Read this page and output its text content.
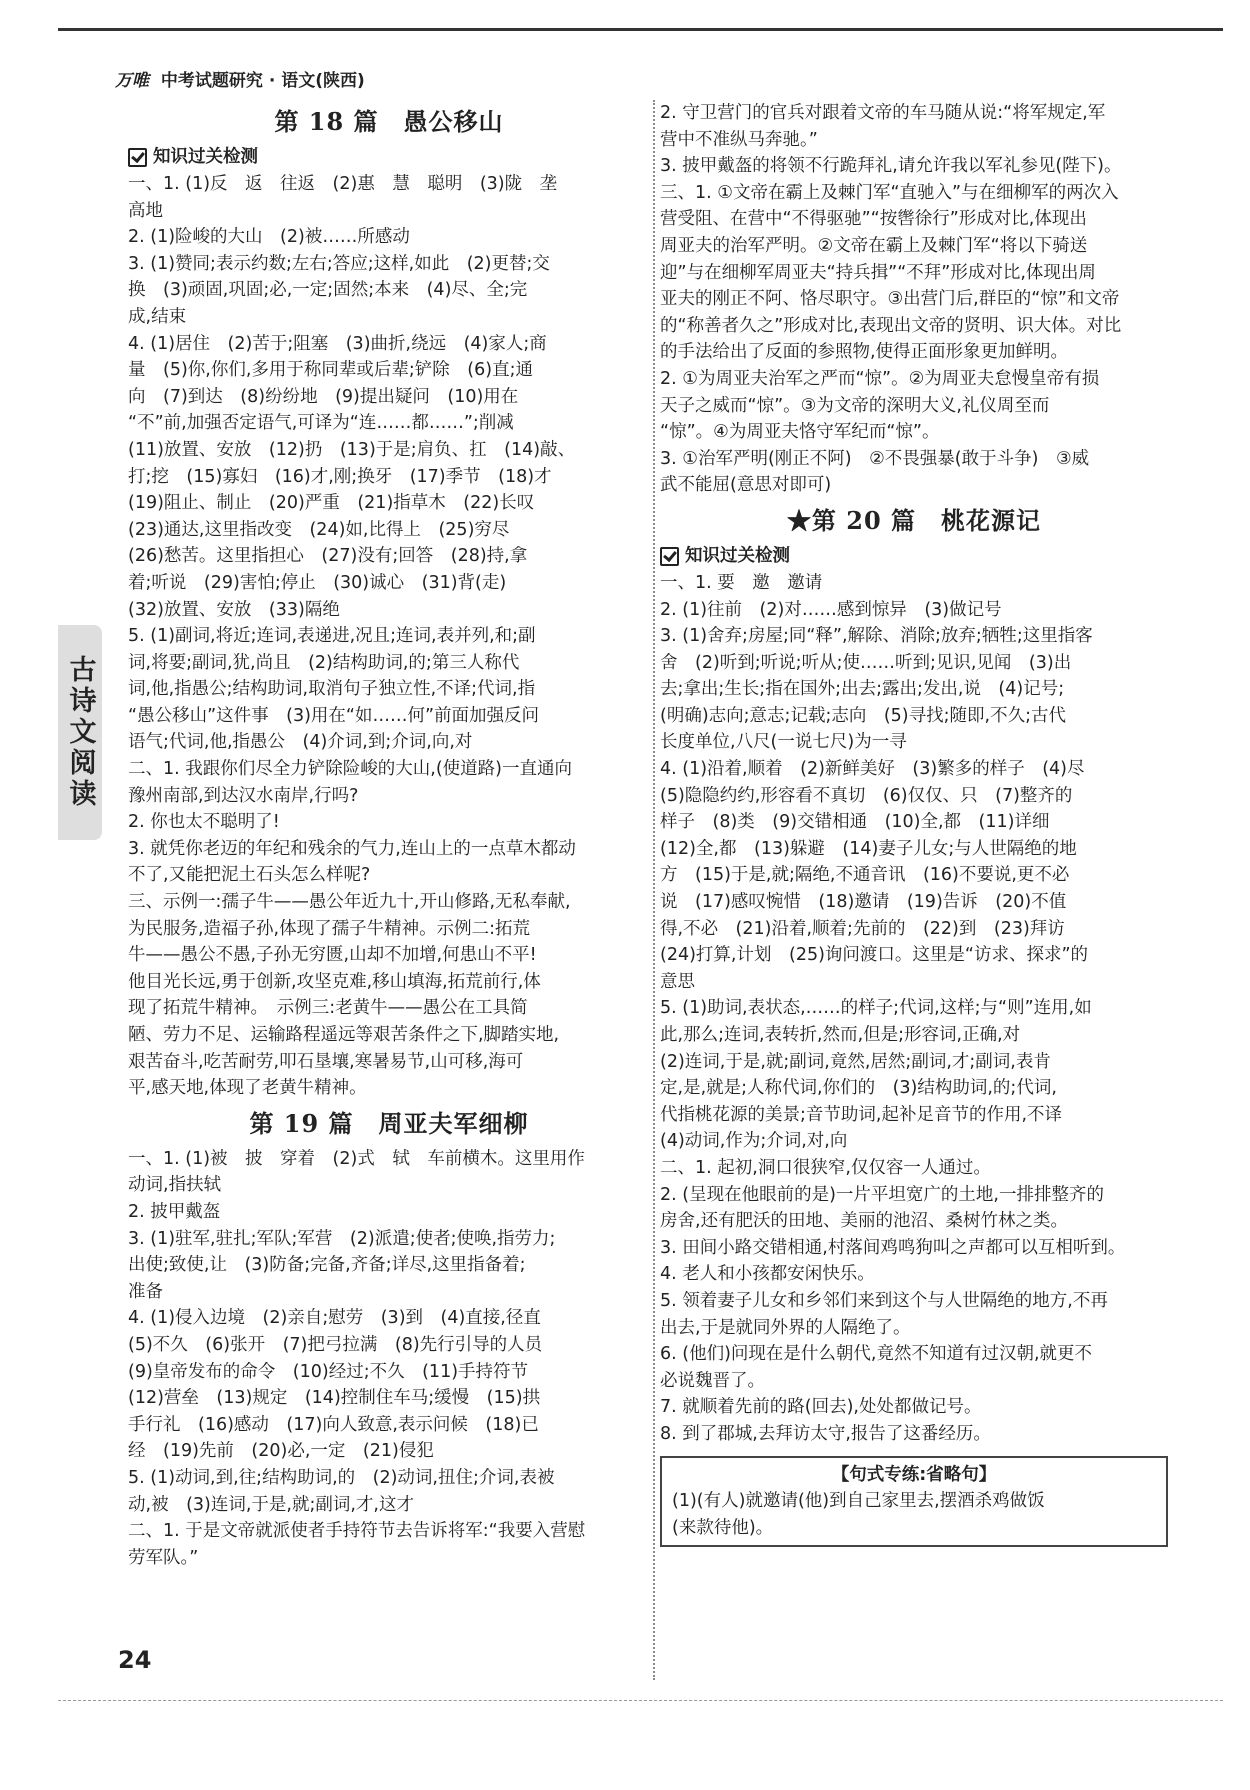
万唯 中考试题研究 · 语文(陕西)
古诗文阅读
第 18 篇　愚公移山
知识过关检测

一、1. (1)反　返　往返　(2)惠　慧　聪明　(3)陇　垄

高地

2. (1)险峻的大山　(2)被……所感动

3. (1)赞同;表示约数;左右;答应;这样,如此　(2)更替;交

换　(3)顽固,巩固;必,一定;固然;本来　(4)尽、全;完

成,结束

4. (1)居住　(2)苦于;阻塞　(3)曲折,绕远　(4)家人;商

量　(5)你,你们,多用于称同辈或后辈;铲除　(6)直;通

向　(7)到达　(8)纷纷地　(9)提出疑问　(10)用在

“不”前,加强否定语气,可译为“连……都……”;削减

(11)放置、安放　(12)扔　(13)于是;肩负、扛　(14)敲、

打;挖　(15)寡妇　(16)才,刚;换牙　(17)季节　(18)才

(19)阻止、制止　(20)严重　(21)指草木　(22)长叹

(23)通达,这里指改变　(24)如,比得上　(25)穷尽

(26)愁苦。这里指担心　(27)没有;回答　(28)持,拿

着;听说　(29)害怕;停止　(30)诚心　(31)背(走)

(32)放置、安放　(33)隔绝

5. (1)副词,将近;连词,表递进,况且;连词,表并列,和;副

词,将要;副词,犹,尚且　(2)结构助词,的;第三人称代

词,他,指愚公;结构助词,取消句子独立性,不译;代词,指

“愚公移山”这件事　(3)用在“如……何”前面加强反问

语气;代词,他,指愚公　(4)介词,到;介词,向,对

二、1. 我跟你们尽全力铲除险峻的大山,(使道路)一直通向

豫州南部,到达汉水南岸,行吗?

2. 你也太不聪明了!

3. 就凭你老迈的年纪和残余的气力,连山上的一点草木都动

不了,又能把泥土石头怎么样呢?

三、示例一:孺子牛——愚公年近九十,开山修路,无私奉献,

为民服务,造福子孙,体现了孺子牛精神。示例二:拓荒

牛——愚公不愚,子孙无穷匮,山却不加增,何患山不平!

他目光长远,勇于创新,攻坚克难,移山填海,拓荒前行,体

现了拓荒牛精神。　示例三:老黄牛——愚公在工具简

陋、劳力不足、运输路程遥远等艰苦条件之下,脚踏实地,

艰苦奋斗,吃苦耐劳,叩石垦壤,寒暑易节,山可移,海可

平,感天地,体现了老黄牛精神。

第 19 篇　周亚夫军细柳

一、1. (1)被　披　穿着　(2)式　轼　车前横木。这里用作

动词,指扶轼

2. 披甲戴盔

3. (1)驻军,驻扎;军队;军营　(2)派遣;使者;使唤,指劳力;

出使;致使,让　(3)防备;完备,齐备;详尽,这里指备着;

准备

4. (1)侵入边境　(2)亲自;慰劳　(3)到　(4)直接,径直

(5)不久　(6)张开　(7)把弓拉满　(8)先行引导的人员

(9)皇帝发布的命令　(10)经过;不久　(11)手持符节

(12)营垒　(13)规定　(14)控制住车马;缓慢　(15)拱

手行礼　(16)感动　(17)向人致意,表示问候　(18)已

经　(19)先前　(20)必,一定　(21)侵犯

5. (1)动词,到,往;结构助词,的　(2)动词,扭住;介词,表被

动,被　(3)连词,于是,就;副词,才,这才

二、1. 于是文帝就派使者手持符节去告诉将军:“我要入营慰

劳军队。”

2. 守卫营门的官兵对跟着文帝的车马随从说:“将军规定,军

营中不准纵马奔驰。”

3. 披甲戴盔的将领不行跪拜礼,请允许我以军礼参见(陛下)。

三、1. ①文帝在霸上及棘门军“直驰入”与在细柳军的两次入

营受阻、在营中“不得驱驰”“按辔徐行”形成对比,体现出

周亚夫的治军严明。②文帝在霸上及棘门军“将以下骑送

迎”与在细柳军周亚夫“持兵揖”“不拜”形成对比,体现出周

亚夫的刚正不阿、恪尽职守。③出营门后,群臣的“惊”和文帝

的“称善者久之”形成对比,表现出文帝的贤明、识大体。对比

的手法给出了反面的参照物,使得正面形象更加鲜明。

2. ①为周亚夫治军之严而“惊”。②为周亚夫怠慢皇帝有损

天子之威而“惊”。③为文帝的深明大义,礼仪周至而

“惊”。④为周亚夫恪守军纪而“惊”。

3. ①治军严明(刚正不阿)　②不畏强暴(敢于斗争)　③威

武不能屈(意思对即可)

★第 20 篇　桃花源记
知识过关检测

一、1. 要　邀　邀请

2. (1)往前　(2)对……感到惊异　(3)做记号

3. (1)舍弃;房屋;同“释”,解除、消除;放弃;牺牲;这里指客

舍　(2)听到;听说;听从;使……听到;见识,见闻　(3)出

去;拿出;生长;指在国外;出去;露出;发出,说　(4)记号;

(明确)志向;意志;记载;志向　(5)寻找;随即,不久;古代

长度单位,八尺(一说七尺)为一寻

4. (1)沿着,顺着　(2)新鲜美好　(3)繁多的样子　(4)尽

(5)隐隐约约,形容看不真切　(6)仅仅、只　(7)整齐的

样子　(8)类　(9)交错相通　(10)全,都　(11)详细

(12)全,都　(13)躲避　(14)妻子儿女;与人世隔绝的地

方　(15)于是,就;隔绝,不通音讯　(16)不要说,更不必

说　(17)感叹惋惜　(18)邀请　(19)告诉　(20)不值

得,不必　(21)沿着,顺着;先前的　(22)到　(23)拜访

(24)打算,计划　(25)询问渡口。这里是“访求、探求”的

意思

5. (1)助词,表状态,……的样子;代词,这样;与“则”连用,如

此,那么;连词,表转折,然而,但是;形容词,正确,对

(2)连词,于是,就;副词,竟然,居然;副词,才;副词,表肯

定,是,就是;人称代词,你们的　(3)结构助词,的;代词,

代指桃花源的美景;音节助词,起补足音节的作用,不译

(4)动词,作为;介词,对,向

二、1. 起初,洞口很狭窄,仅仅容一人通过。

2. (呈现在他眼前的是)一片平坦宽广的土地,一排排整齐的

房舍,还有肥沃的田地、美丽的池沼、桑树竹林之类。

3. 田间小路交错相通,村落间鸡鸣狗叫之声都可以互相听到。

4. 老人和小孩都安闲快乐。

5. 领着妻子儿女和乡邻们来到这个与人世隔绝的地方,不再

出去,于是就同外界的人隔绝了。

6. (他们)问现在是什么朝代,竟然不知道有过汉朝,就更不

必说魏晋了。

7. 就顺着先前的路(回去),处处都做记号。

8. 到了郡城,去拜访太守,报告了这番经历。

【句式专练:省略句】

(1)(有人)就邀请(他)到自己家里去,摆酒杀鸡做饭

(来款待他)。

24
